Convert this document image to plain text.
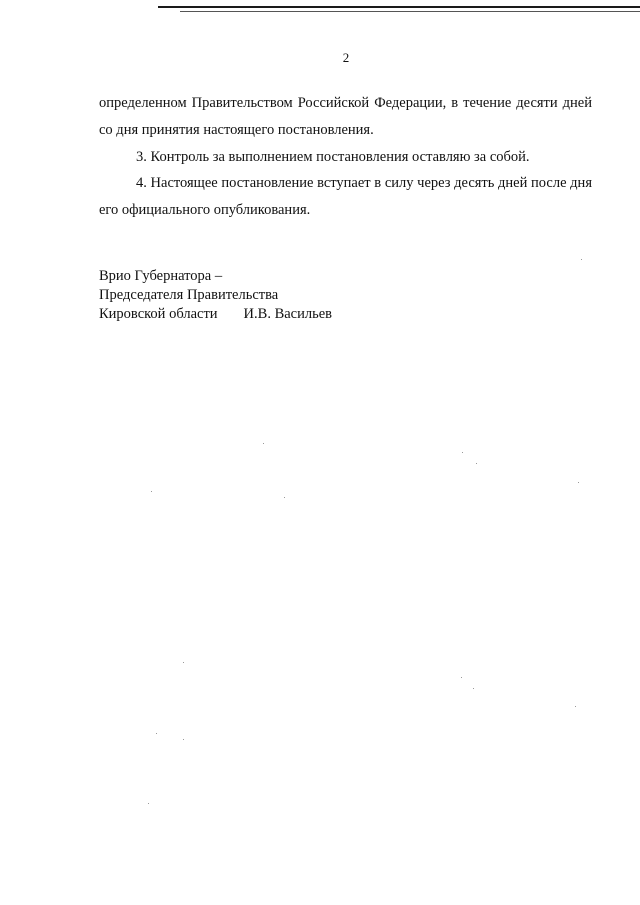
2

определенном Правительством Российской Федерации, в течение десяти дней со дня принятия настоящего постановления.

3. Контроль за выполнением постановления оставляю за собой.

4. Настоящее постановление вступает в силу через десять дней после дня его официального опубликования.

Врио Губернатора –
Председателя Правительства
Кировской области И.В. Васильев
